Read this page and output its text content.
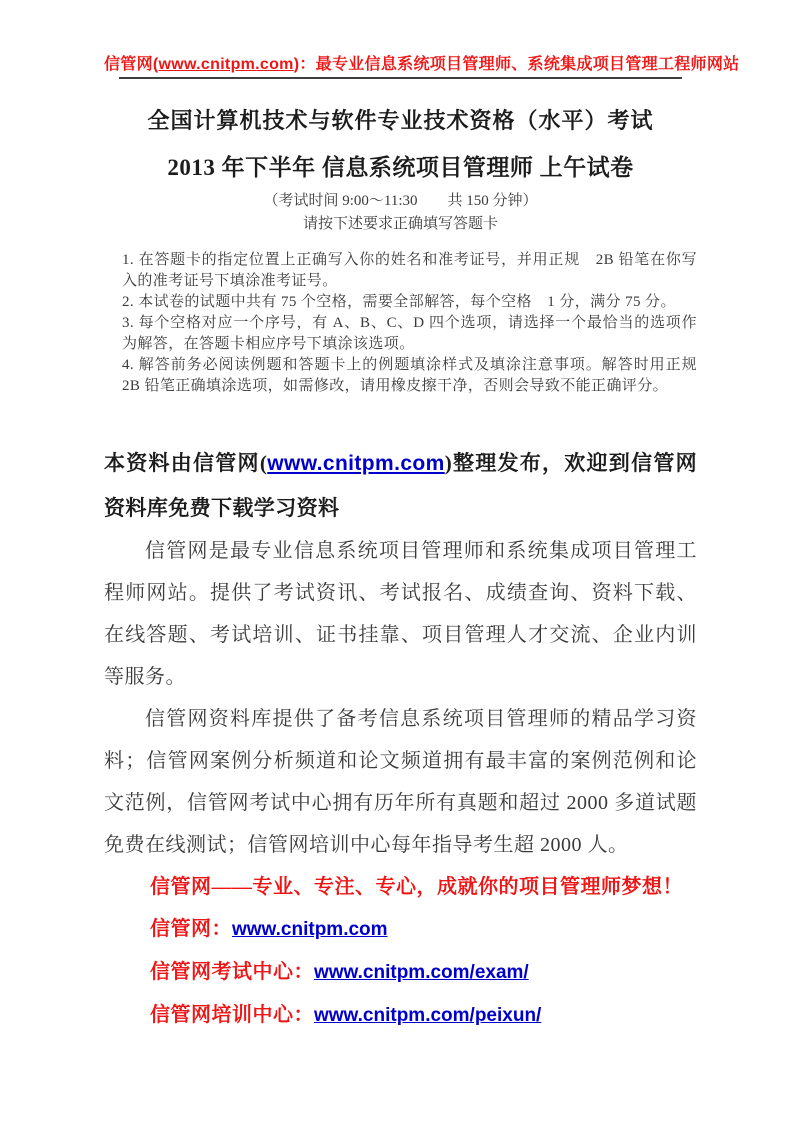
信管网(www.cnitpm.com)：最专业信息系统项目管理师、系统集成项目管理工程师网站
全国计算机技术与软件专业技术资格（水平）考试
2013 年下半年 信息系统项目管理师 上午试卷

（考试时间 9:00～11:30　　共 150 分钟）

请按下述要求正确填写答题卡

1. 在答题卡的指定位置上正确写入你的姓名和准考证号，并用正规　2B 铅笔在你写入的准考证号下填涂准考证号。

2. 本试卷的试题中共有 75 个空格，需要全部解答，每个空格　1 分，满分 75 分。

3. 每个空格对应一个序号，有 A、B、C、D 四个选项，请选择一个最恰当的选项作为解答，在答题卡相应序号下填涂该选项。

4. 解答前务必阅读例题和答题卡上的例题填涂样式及填涂注意事项。解答时用正规　2B 铅笔正确填涂选项，如需修改，请用橡皮擦干净，否则会导致不能正确评分。

本资料由信管网(www.cnitpm.com)整理发布，欢迎到信管网资料库免费下载学习资料

信管网是最专业信息系统项目管理师和系统集成项目管理工程师网站。提供了考试资讯、考试报名、成绩查询、资料下载、在线答题、考试培训、证书挂靠、项目管理人才交流、企业内训等服务。

信管网资料库提供了备考信息系统项目管理师的精品学习资料；信管网案例分析频道和论文频道拥有最丰富的案例范例和论文范例，信管网考试中心拥有历年所有真题和超过 2000 多道试题免费在线测试；信管网培训中心每年指导考生超 2000 人。

信管网——专业、专注、专心，成就你的项目管理师梦想！

信管网：www.cnitpm.com

信管网考试中心：www.cnitpm.com/exam/

信管网培训中心：www.cnitpm.com/peixun/
